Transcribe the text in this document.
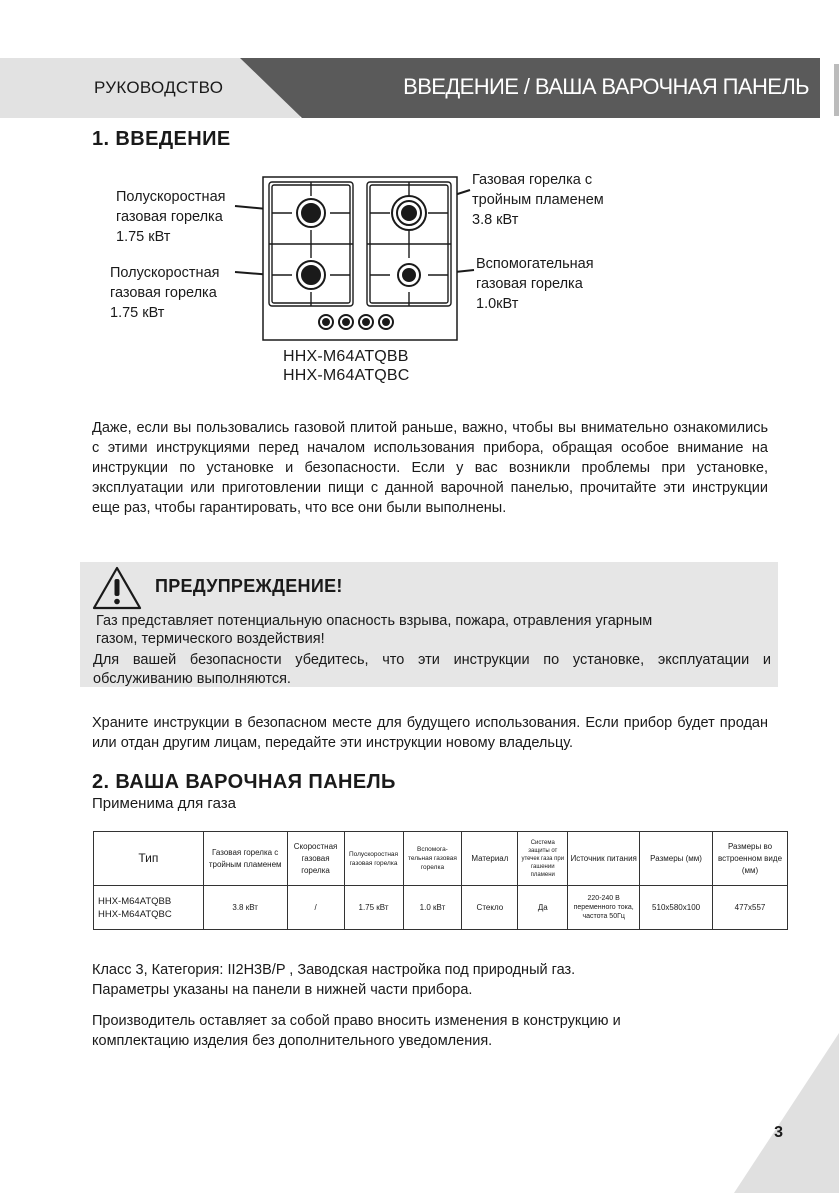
РУКОВОДСТВО	ВВЕДЕНИЕ / ВАША ВАРОЧНАЯ ПАНЕЛЬ
1. ВВЕДЕНИЕ
Полускоростная
газовая горелка
1.75 кВт
Полускоростная
газовая горелка
1.75 кВт
Газовая горелка с
тройным пламенем
3.8 кВт
Вспомогательная
газовая горелка
1.0кВт
HHX-M64ATQBB
HHX-M64ATQBC

Даже, если вы пользовались газовой плитой раньше, важно, чтобы вы внимательно ознакомились с этими инструкциями перед началом использования прибора, обращая особое внимание на инструкции по установке и безопасности. Если у вас возникли проблемы при установке, эксплуатации или приготовлении пищи с данной варочной панелью, прочитайте эти инструкции еще раз, чтобы гарантировать, что все они были выполнены.

ПРЕДУПРЕЖДЕНИЕ!
Газ представляет потенциальную опасность взрыва, пожара, отравления угарным
газом, термического воздействия!
Для вашей безопасности убедитесь, что эти инструкции по установке, эксплуатации и обслуживанию выполняются.

Храните инструкции в безопасном месте для будущего использования. Если прибор будет продан или отдан другим лицам, передайте эти инструкции новому владельцу.

2. ВАША ВАРОЧНАЯ ПАНЕЛЬ
Применима для газа
Тип	Газовая горелка с тройным пламенем	Скоростная газовая горелка	Полускоростная газовая горелка	Вспомога-тельная газовая горелка	Материал	Система защиты от утечек газа при гашении пламени	Источник питания	Размеры (мм)	Размеры во встроенном виде (мм)

HHX-M64ATQBB
HHX-M64ATQBC	3.8 кВт	/	1.75 кВт	1.0 кВт	Стекло	Да	220-240 В переменного тока, частота 50Гц	510x580x100	477x557
Класс 3, Категория: II2H3B/P , Заводская настройка под природный газ.
Параметры указаны на панели в нижней части прибора.

Производитель оставляет за собой право вносить изменения в конструкцию и комплектацию изделия без дополнительного уведомления.

3
